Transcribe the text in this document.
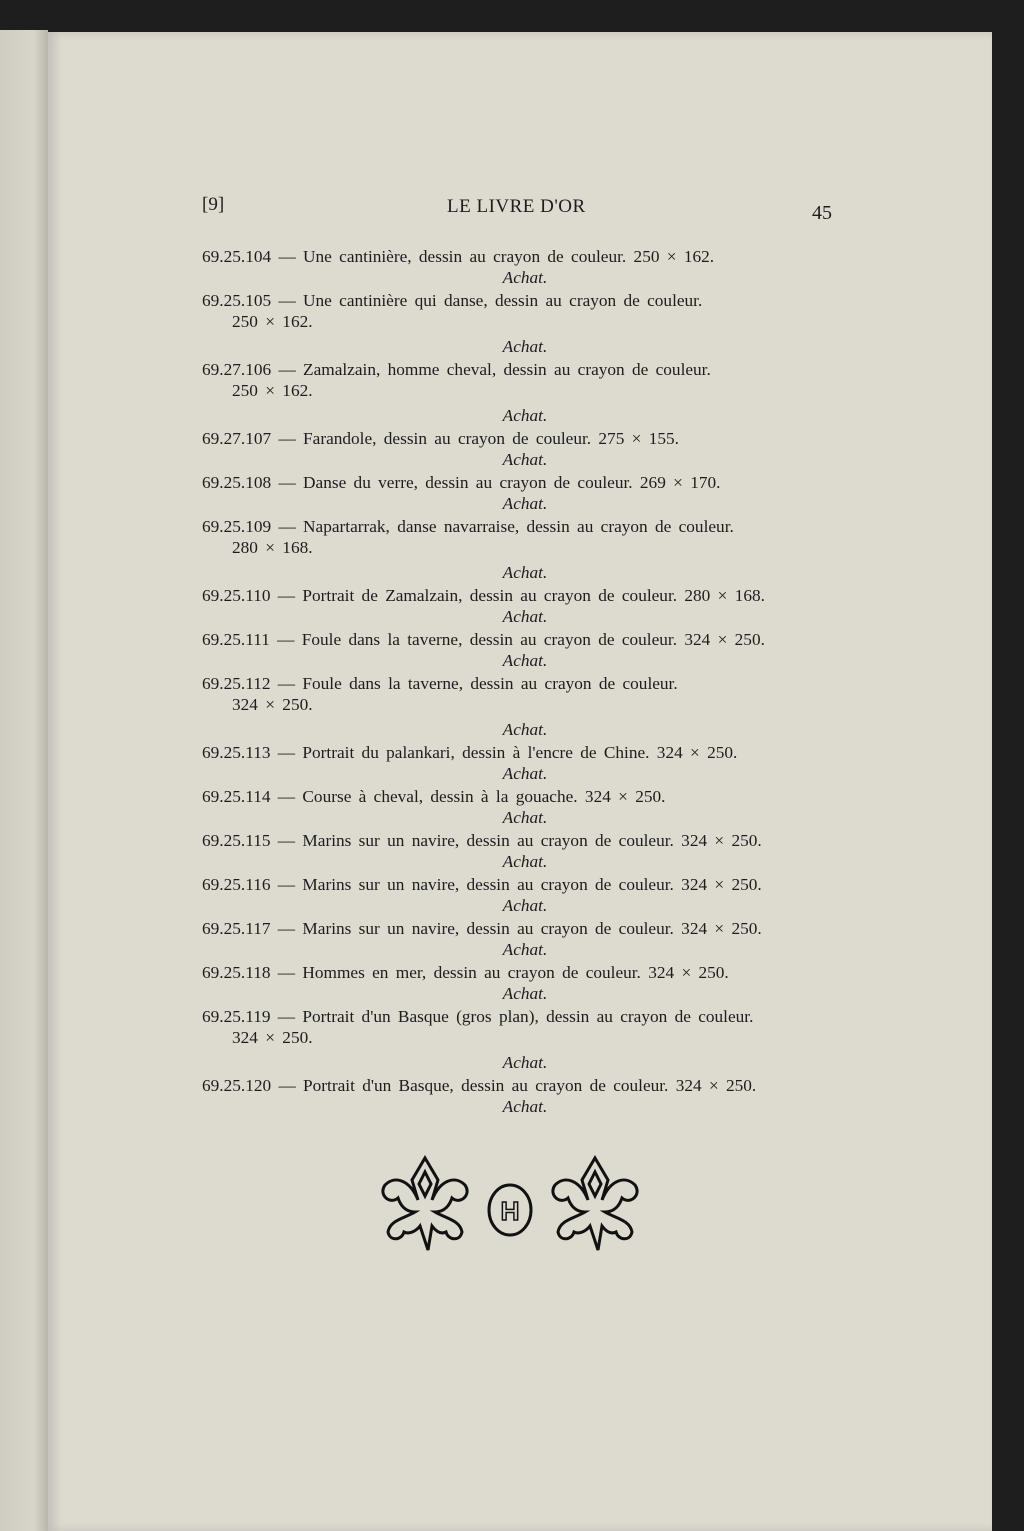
[9]	LE LIVRE D'OR	45
69.25.104 — Une cantinière, dessin au crayon de couleur. 250 × 162.
Achat.
69.25.105 — Une cantinière qui danse, dessin au crayon de couleur.
250 × 162.
Achat.
69.27.106 — Zamalzain, homme cheval, dessin au crayon de couleur.
250 × 162.
Achat.
69.27.107 — Farandole, dessin au crayon de couleur. 275 × 155.
Achat.
69.25.108 — Danse du verre, dessin au crayon de couleur. 269 × 170.
Achat.
69.25.109 — Napartarrak, danse navarraise, dessin au crayon de couleur.
280 × 168.
Achat.
69.25.110 — Portrait de Zamalzain, dessin au crayon de couleur. 280 × 168.
Achat.
69.25.111 — Foule dans la taverne, dessin au crayon de couleur. 324 × 250.
Achat.
69.25.112 — Foule dans la taverne, dessin au crayon de couleur.
324 × 250.
Achat.
69.25.113 — Portrait du palankari, dessin à l'encre de Chine. 324 × 250.
Achat.
69.25.114 — Course à cheval, dessin à la gouache. 324 × 250.
Achat.
69.25.115 — Marins sur un navire, dessin au crayon de couleur. 324 × 250.
Achat.
69.25.116 — Marins sur un navire, dessin au crayon de couleur. 324 × 250.
Achat.
69.25.117 — Marins sur un navire, dessin au crayon de couleur. 324 × 250.
Achat.
69.25.118 — Hommes en mer, dessin au crayon de couleur. 324 × 250.
Achat.
69.25.119 — Portrait d'un Basque (gros plan), dessin au crayon de couleur.
324 × 250.
Achat.
69.25.120 — Portrait d'un Basque, dessin au crayon de couleur. 324 × 250.
Achat.
H
